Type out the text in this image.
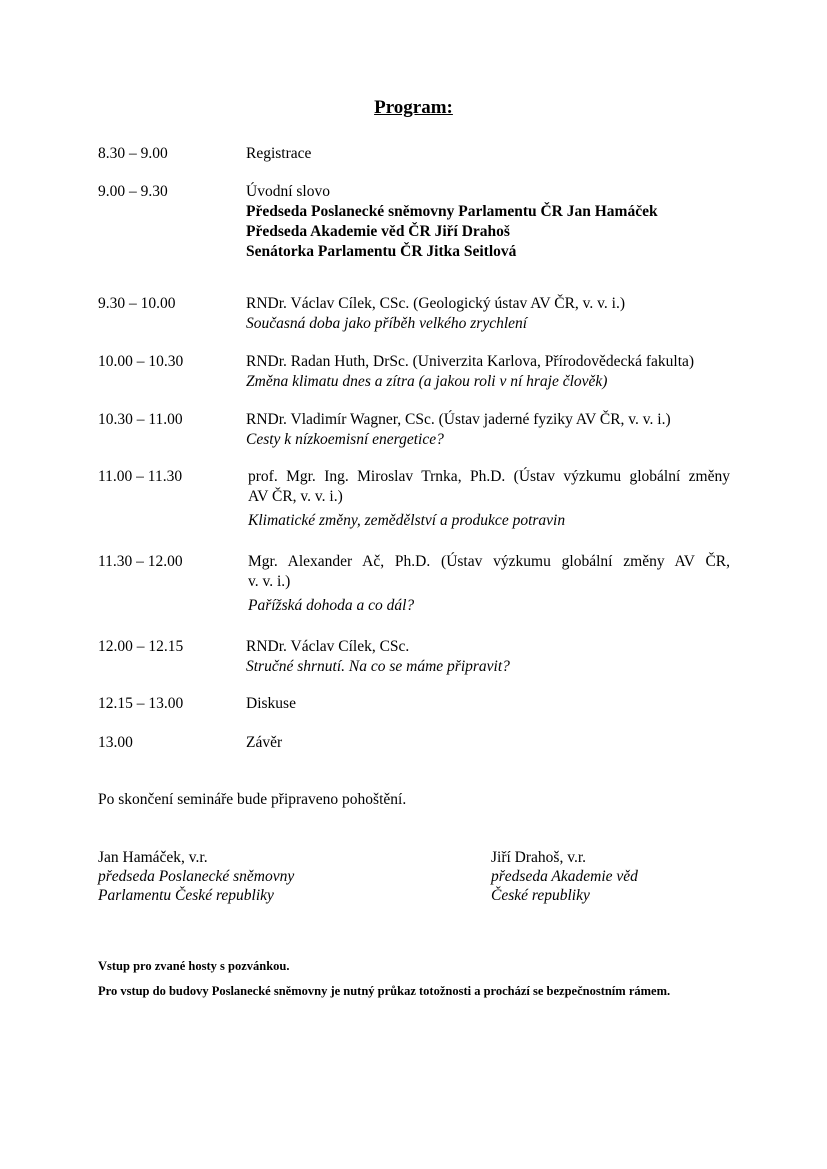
Program:
8.30 – 9.00	Registrace
9.00 – 9.30	Úvodní slovo
Předseda Poslanecké sněmovny Parlamentu ČR Jan Hamáček
Předseda Akademie věd ČR Jiří Drahoš
Senátorka Parlamentu ČR Jitka Seitlová
9.30 – 10.00	RNDr. Václav Cílek, CSc. (Geologický ústav AV ČR, v. v. i.)
Současná doba jako příběh velkého zrychlení
10.00 – 10.30	RNDr. Radan Huth, DrSc. (Univerzita Karlova, Přírodovědecká fakulta)
Změna klimatu dnes a zítra (a jakou roli v ní hraje člověk)
10.30 – 11.00	RNDr. Vladimír Wagner, CSc. (Ústav jaderné fyziky AV ČR, v. v. i.)
Cesty k nízkoemisní energetice?
11.00 – 11.30	prof. Mgr. Ing. Miroslav Trnka, Ph.D. (Ústav výzkumu globální změny
AV ČR, v. v. i.)
Klimatické změny, zemědělství a produkce potravin
11.30 – 12.00	Mgr. Alexander Ač, Ph.D. (Ústav výzkumu globální změny AV ČR,
v. v. i.)
Pařížská dohoda a co dál?
12.00 – 12.15	RNDr. Václav Cílek, CSc.
Stručné shrnutí. Na co se máme připravit?
12.15 – 13.00	Diskuse
13.00	Závěr
Po skončení semináře bude připraveno pohoštění.
Jan Hamáček, v.r.
předseda Poslanecké sněmovny
Parlamentu České republiky
Jiří Drahoš, v.r.
předseda Akademie věd
České republiky
Vstup pro zvané hosty s pozvánkou.
Pro vstup do budovy Poslanecké sněmovny je nutný průkaz totožnosti a prochází se bezpečnostním rámem.
